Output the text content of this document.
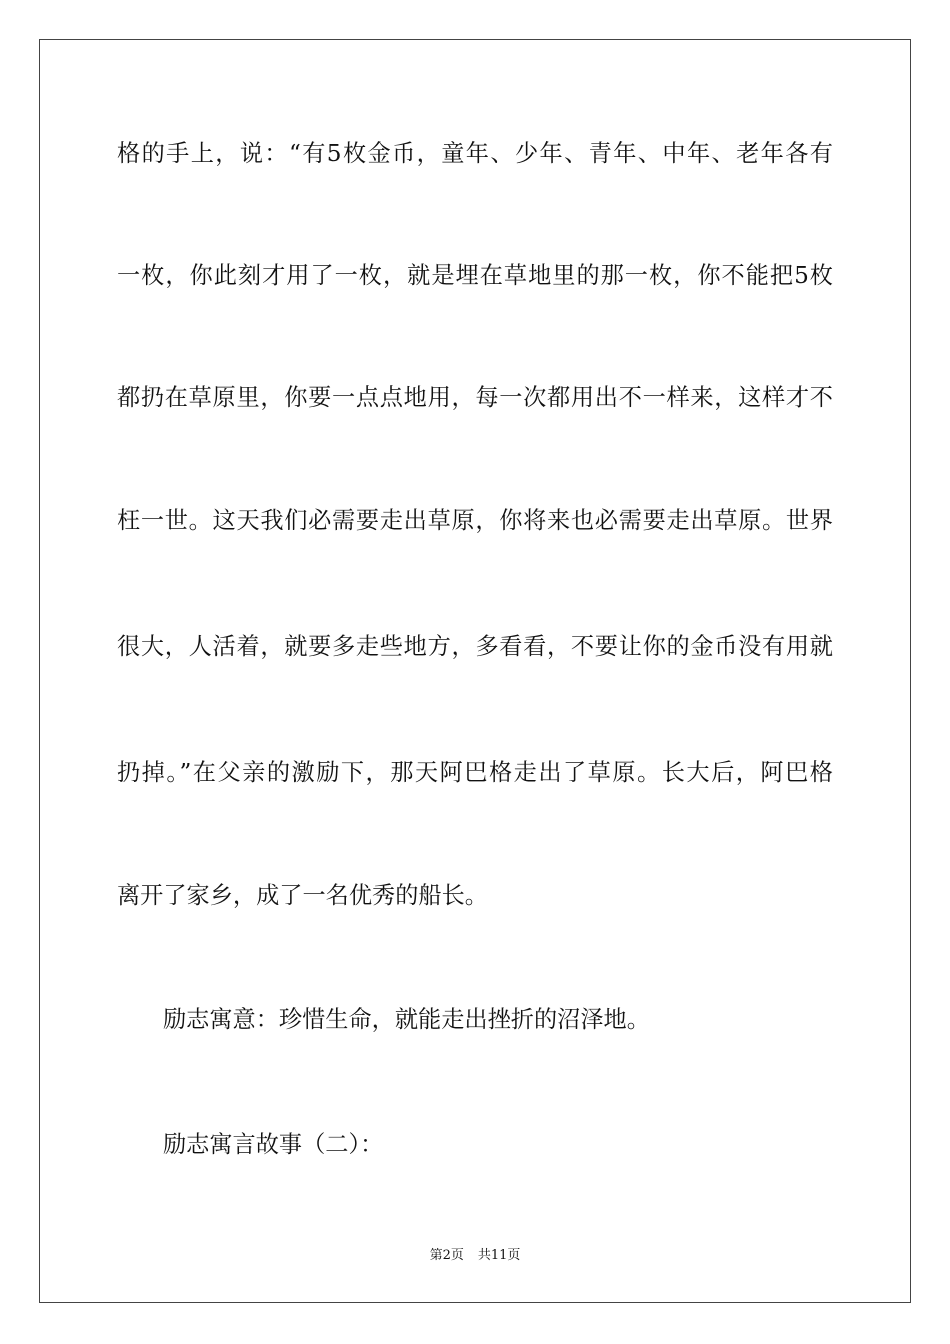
格的手上，说：“有5枚金币，童年、少年、青年、中年、老年各有
一枚，你此刻才用了一枚，就是埋在草地里的那一枚，你不能把5枚
都扔在草原里，你要一点点地用，每一次都用出不一样来，这样才不
枉一世。这天我们必需要走出草原，你将来也必需要走出草原。世界
很大，人活着，就要多走些地方，多看看，不要让你的金币没有用就
扔掉。”在父亲的激励下，那天阿巴格走出了草原。长大后，阿巴格
离开了家乡，成了一名优秀的船长。
励志寓意：珍惜生命，就能走出挫折的沼泽地。
励志寓言故事（二）：
第2页 共11页
